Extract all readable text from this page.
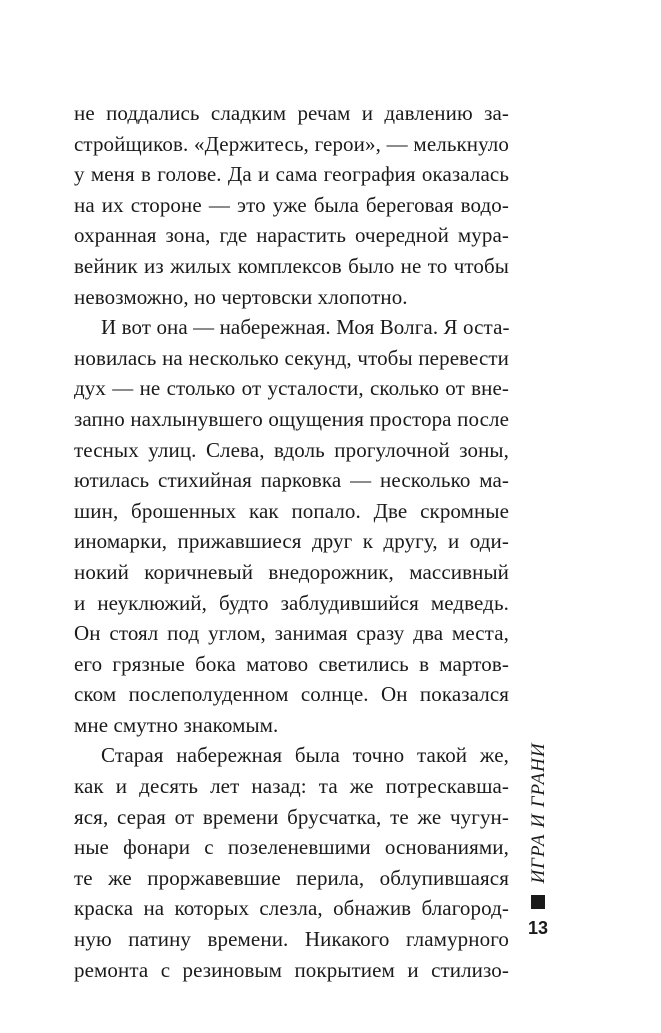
не поддались сладким речам и давлению за-
стройщиков. «Держитесь, герои», — мелькнуло
у меня в голове. Да и сама география оказалась
на их стороне — это уже была береговая водо-
охранная зона, где нарастить очередной мура-
вейник из жилых комплексов было не то чтобы
невозможно, но чертовски хлопотно.
И вот она — набережная. Моя Волга. Я оста-
новилась на несколько секунд, чтобы перевести
дух — не столько от усталости, сколько от вне-
запно нахлынувшего ощущения простора после
тесных улиц. Слева, вдоль прогулочной зоны,
ютилась стихийная парковка — несколько ма-
шин, брошенных как попало. Две скромные
иномарки, прижавшиеся друг к другу, и оди-
нокий коричневый внедорожник, массивный
и неуклюжий, будто заблудившийся медведь.
Он стоял под углом, занимая сразу два места,
его грязные бока матово светились в мартов-
ском послеполуденном солнце. Он показался
мне смутно знакомым.
Старая набережная была точно такой же,
как и десять лет назад: та же потрескавша-
яся, серая от времени брусчатка, те же чугун-
ные фонари с позеленевшими основаниями,
те же проржавевшие перила, облупившаяся
краска на которых слезла, обнажив благород-
ную патину времени. Никакого гламурного
ремонта с резиновым покрытием и стилизо-
ИГРА И ГРАНИ
13
